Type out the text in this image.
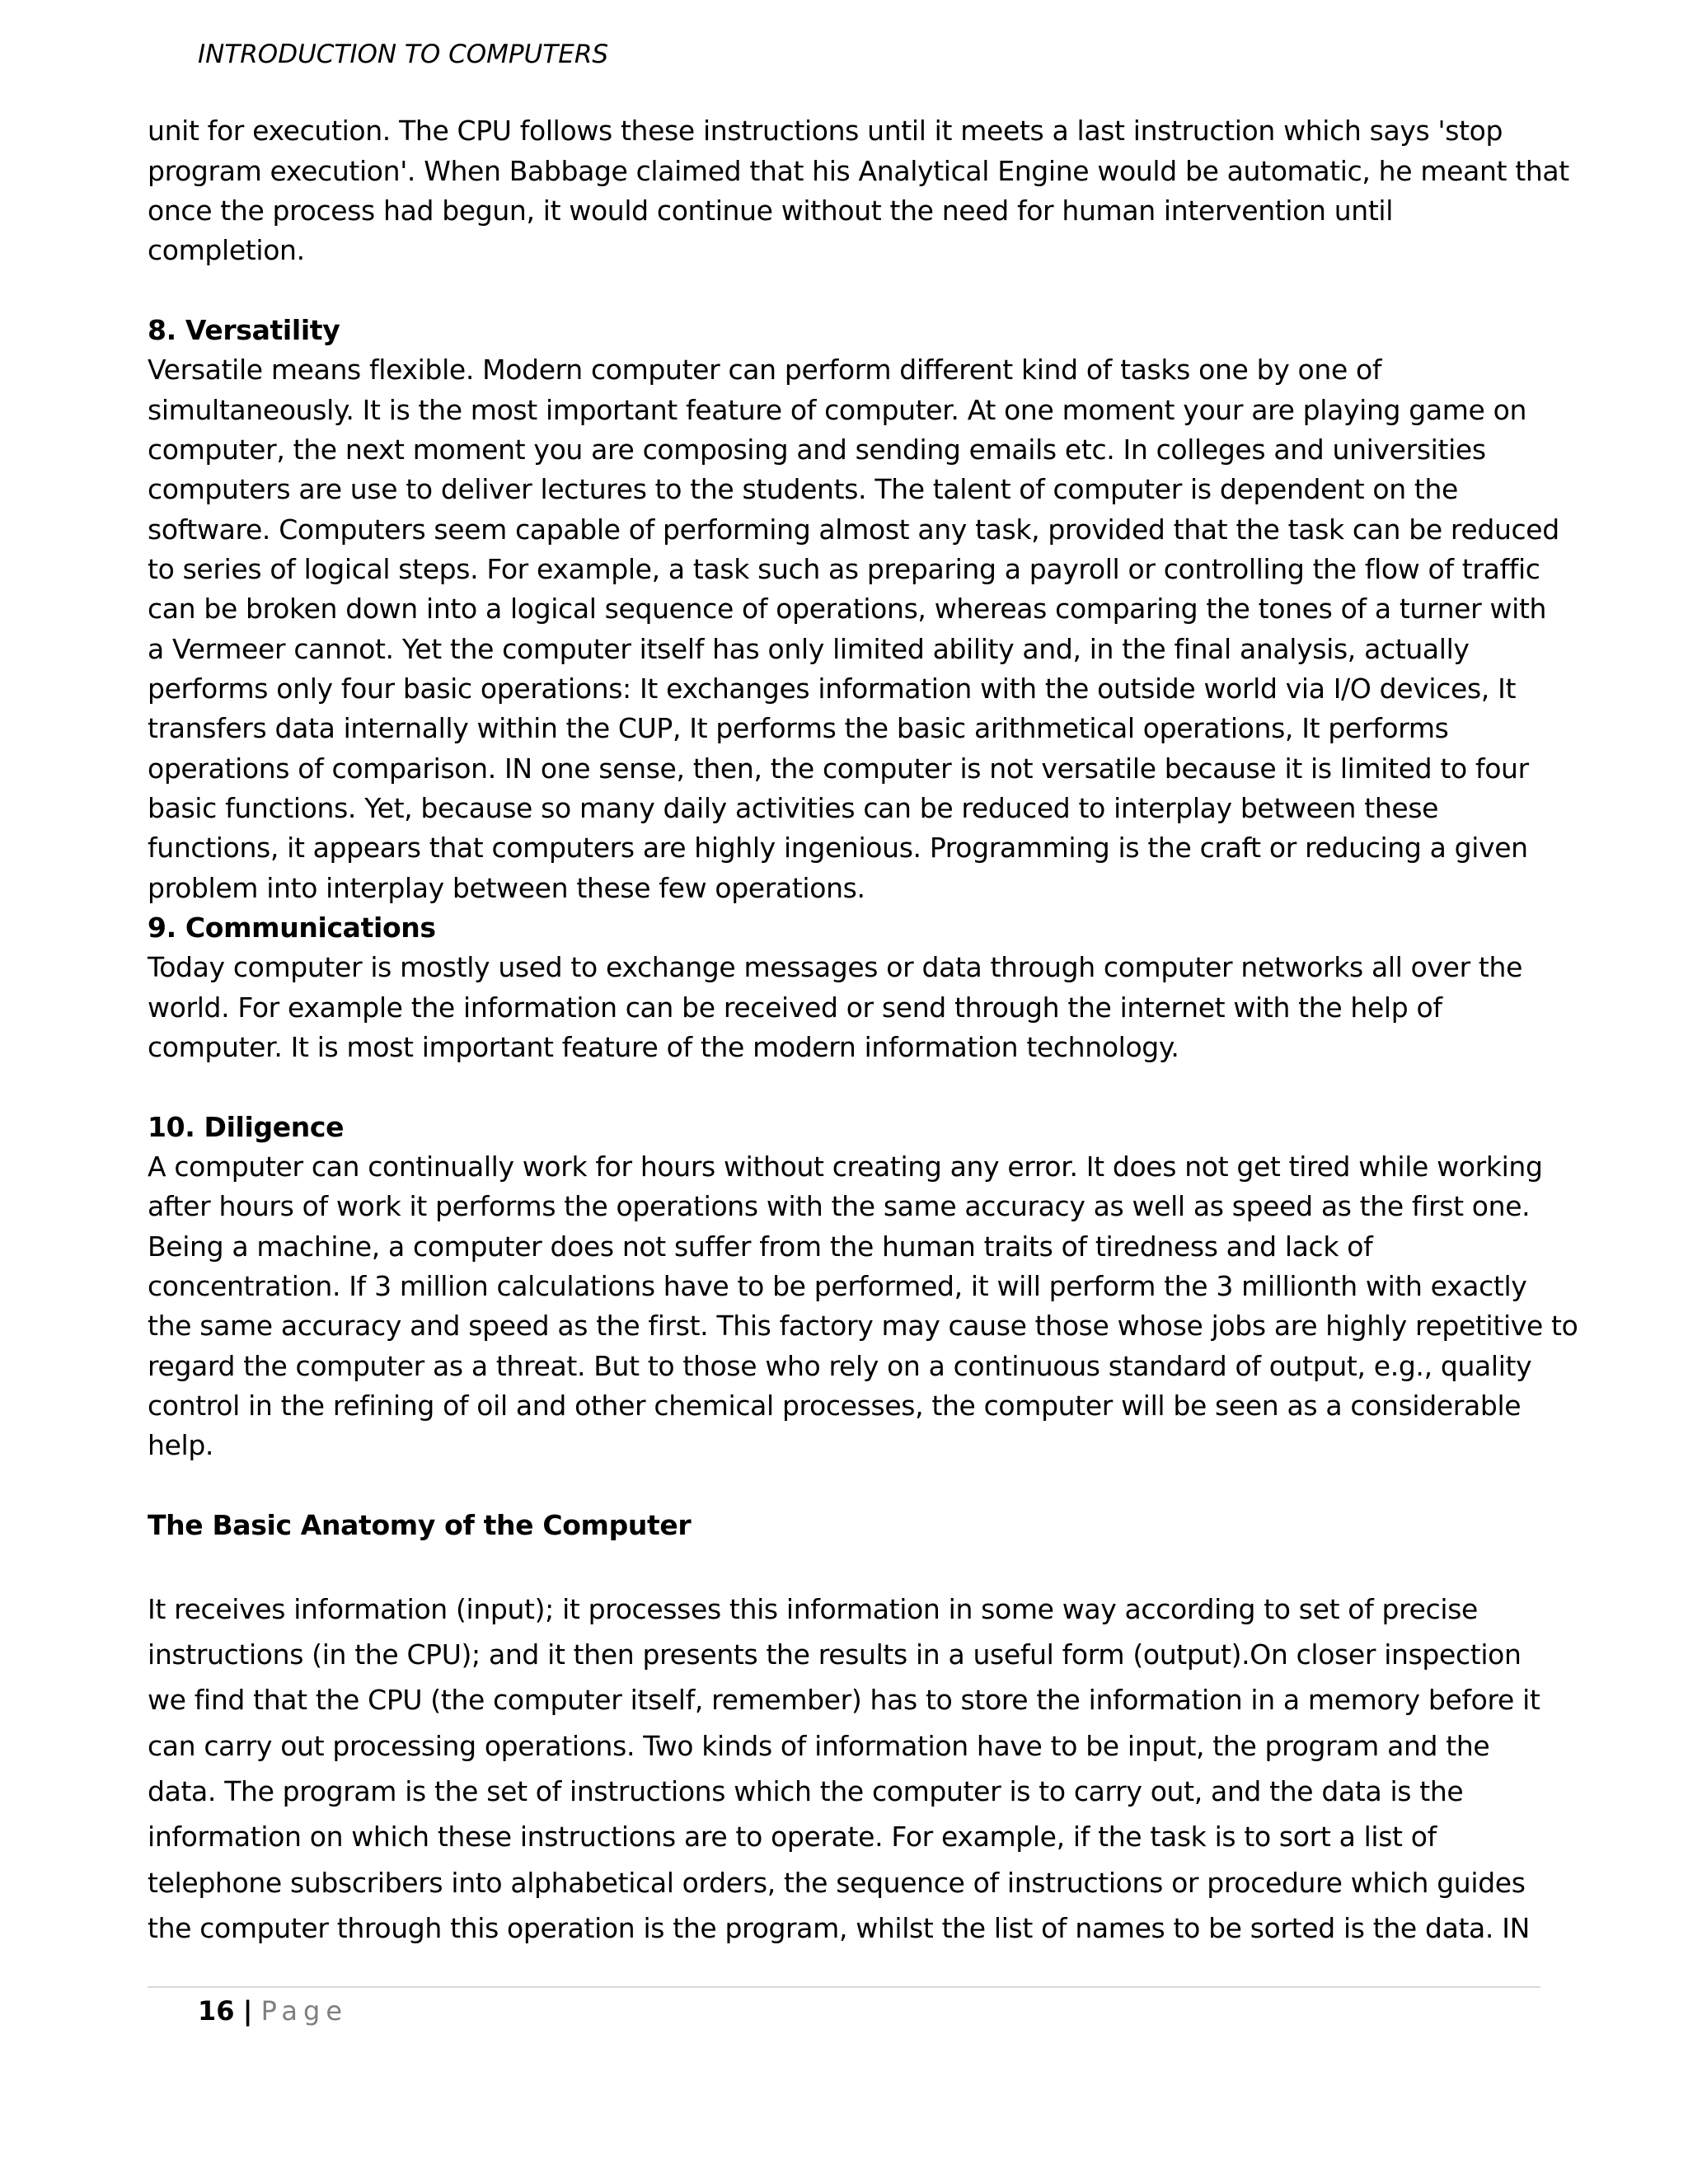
INTRODUCTION TO COMPUTERS
unit for execution. The CPU follows these instructions until it meets a last instruction which says 'stop
program execution'. When Babbage claimed that his Analytical Engine would be automatic, he meant that
once the process had begun, it would continue without the need for human intervention until
completion.
8. Versatility
Versatile means flexible. Modern computer can perform different kind of tasks one by one of
simultaneously. It is the most important feature of computer. At one moment your are playing game on
computer, the next moment you are composing and sending emails etc. In colleges and universities
computers are use to deliver lectures to the students. The talent of computer is dependent on the
software. Computers seem capable of performing almost any task, provided that the task can be reduced
to series of logical steps. For example, a task such as preparing a payroll or controlling the flow of traffic
can be broken down into a logical sequence of operations, whereas comparing the tones of a turner with
a Vermeer cannot. Yet the computer itself has only limited ability and, in the final analysis, actually
performs only four basic operations: It exchanges information with the outside world via I/O devices, It
transfers data internally within the CUP, It performs the basic arithmetical operations, It performs
operations of comparison. IN one sense, then, the computer is not versatile because it is limited to four
basic functions. Yet, because so many daily activities can be reduced to interplay between these
functions, it appears that computers are highly ingenious. Programming is the craft or reducing a given
problem into interplay between these few operations.
9. Communications
Today computer is mostly used to exchange messages or data through computer networks all over the
world. For example the information can be received or send through the internet with the help of
computer. It is most important feature of the modern information technology.
10. Diligence
A computer can continually work for hours without creating any error. It does not get tired while working
after hours of work it performs the operations with the same accuracy as well as speed as the first one.
Being a machine, a computer does not suffer from the human traits of tiredness and lack of
concentration. If 3 million calculations have to be performed, it will perform the 3 millionth with exactly
the same accuracy and speed as the first. This factory may cause those whose jobs are highly repetitive to
regard the computer as a threat. But to those who rely on a continuous standard of output, e.g., quality
control in the refining of oil and other chemical processes, the computer will be seen as a considerable
help.
The Basic Anatomy of the Computer
It receives information (input); it processes this information in some way according to set of precise
instructions (in the CPU); and it then presents the results in a useful form (output).On closer inspection
we find that the CPU (the computer itself, remember) has to store the information in a memory before it
can carry out processing operations. Two kinds of information have to be input, the program and the
data. The program is the set of instructions which the computer is to carry out, and the data is the
information on which these instructions are to operate. For example, if the task is to sort a list of
telephone subscribers into alphabetical orders, the sequence of instructions or procedure which guides
the computer through this operation is the program, whilst the list of names to be sorted is the data. IN
16 | Page
